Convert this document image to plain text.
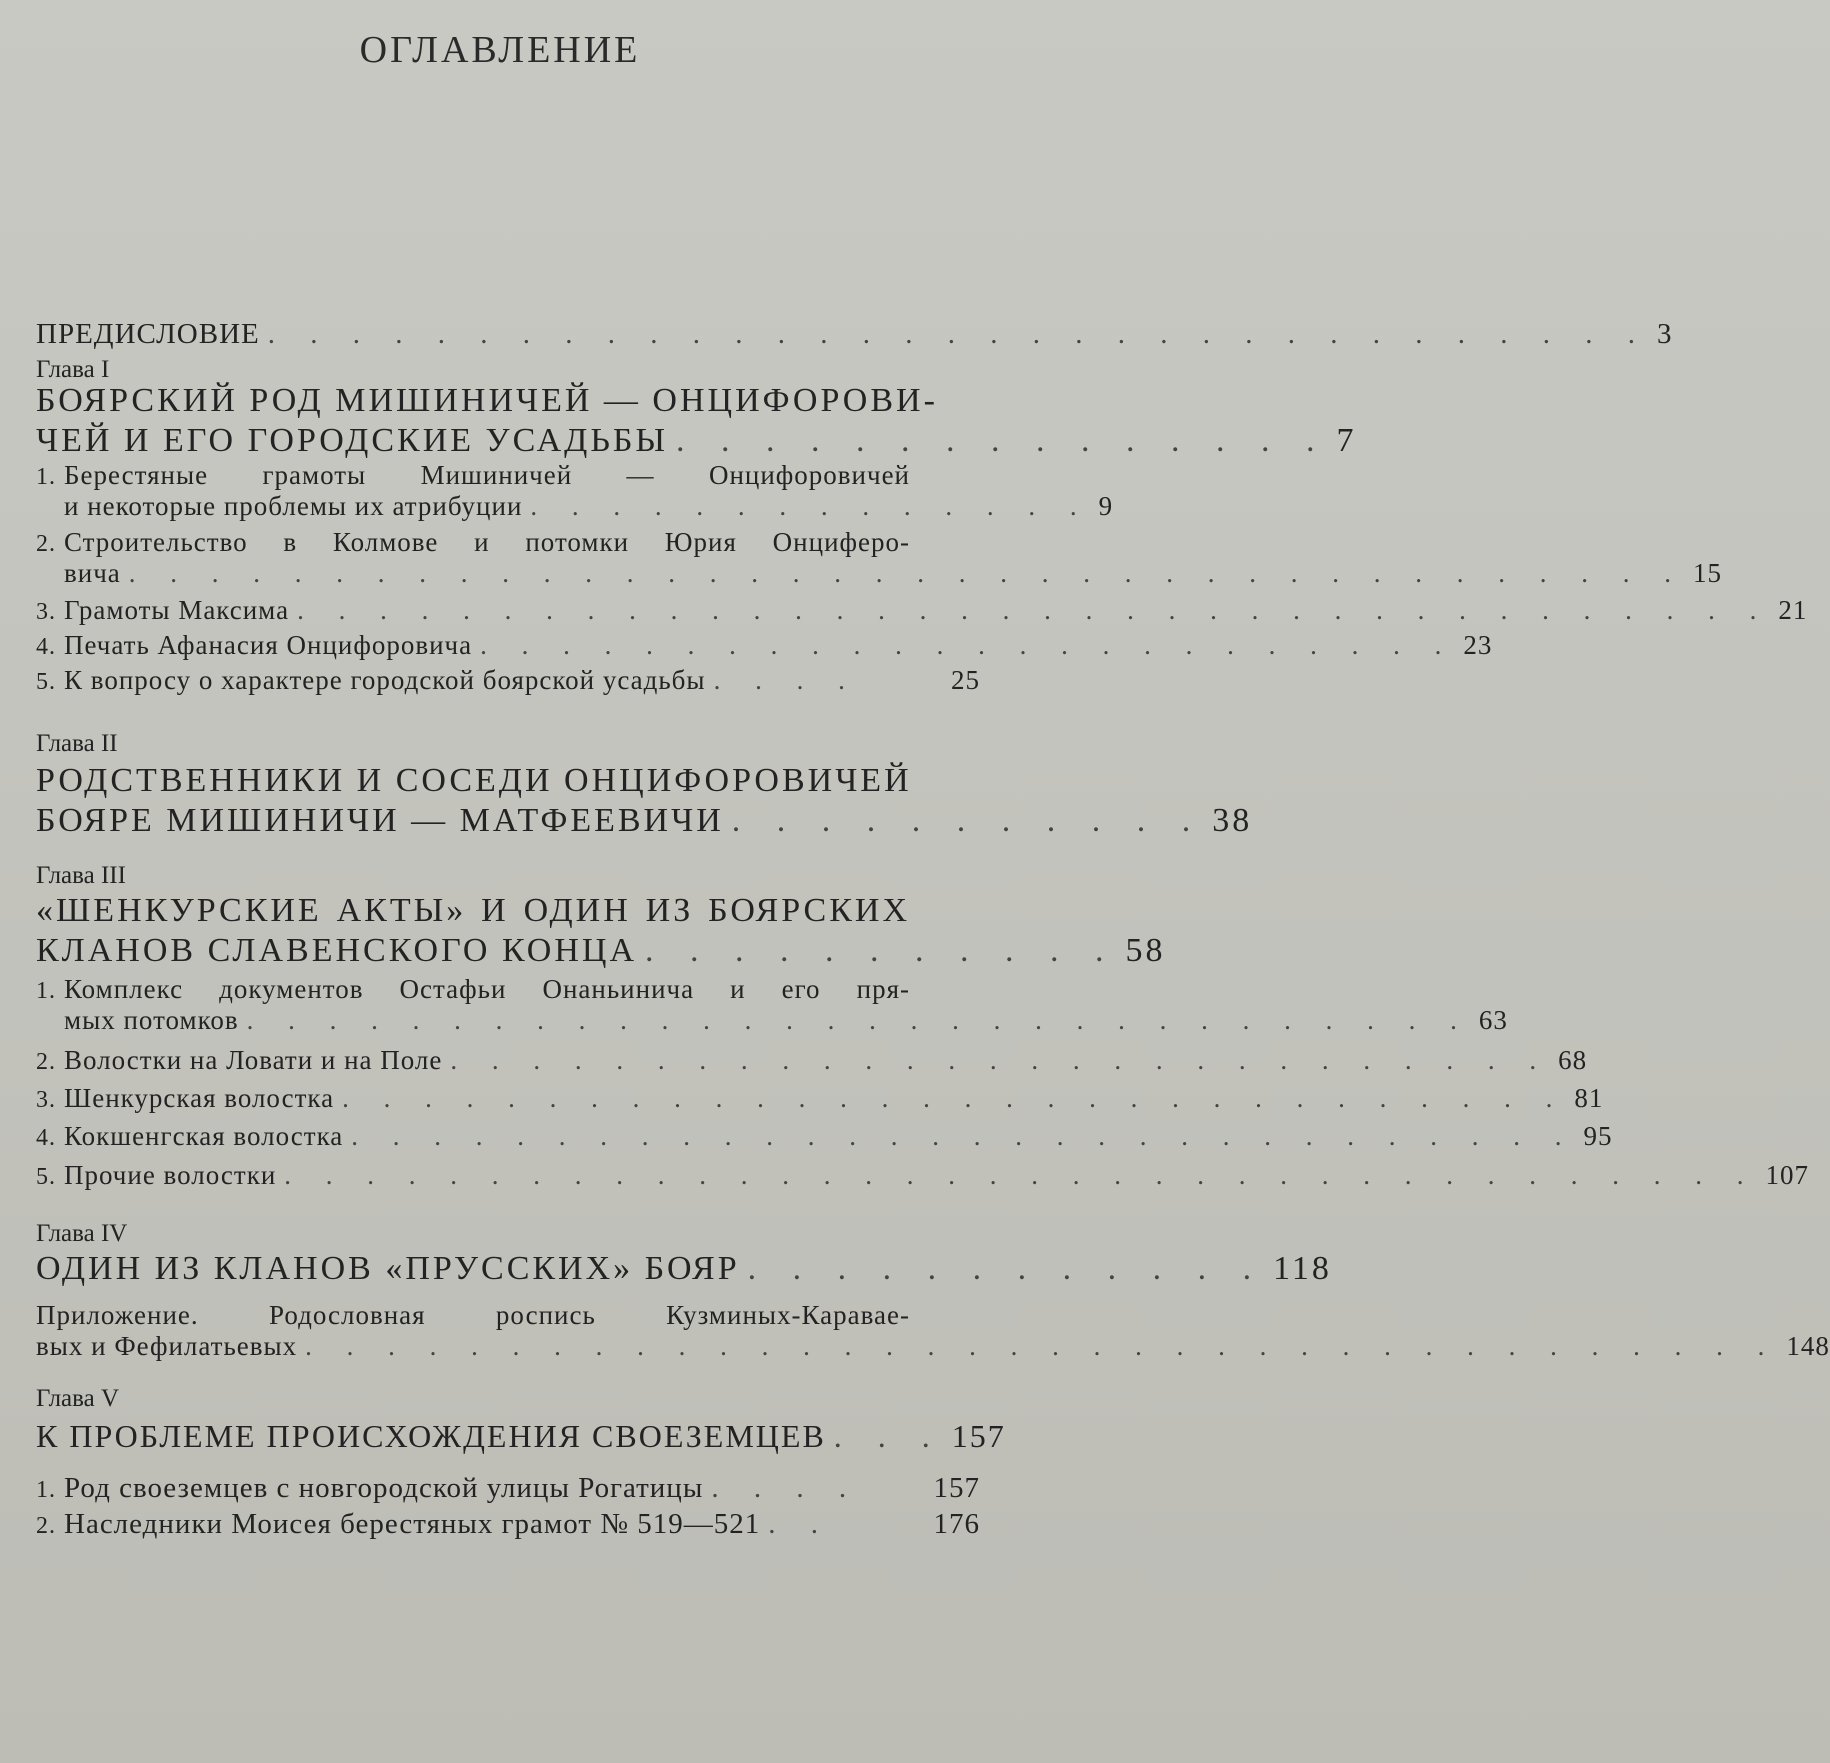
ОГЛАВЛЕНИЕ
ПРЕДИСЛОВИЕ . . . . . . . . . . . . . . . . . . . . . . . . . . . . . . . . . 3
Глава I
БОЯРСКИЙ РОД МИШИНИЧЕЙ — ОНЦИФОРОВИ-
ЧЕЙ И ЕГО ГОРОДСКИЕ УСАДЬБЫ . . . . . . . . . . . . . . . 7
1. Берестяные грамоты Мишиничей — Онцифоровичей
и некоторые проблемы их атрибуции . . . . . . . . . . . . . . 9
2. Строительство в Колмове и потомки Юрия Онциферо-
вича . . . . . . . . . . . . . . . . . . . . . . . . . . . . . . . . . . . . . . 15
3. Грамоты Максима . . . . . . . . . . . . . . . . . . . . . . . . . . . . . . . . . . . . 21
4. Печать Афанасия Онцифоровича . . . . . . . . . . . . . . . . . . . . . . . . 23
5. К вопросу о характере городской боярской усадьбы . . . .	25
Глава II
РОДСТВЕННИКИ И СОСЕДИ ОНЦИФОРОВИЧЕЙ
БОЯРЕ МИШИНИЧИ — МАТФЕЕВИЧИ . . . . . . . . . . . 38
Глава III
«ШЕНКУРСКИЕ АКТЫ» И ОДИН ИЗ БОЯРСКИХ
КЛАНОВ СЛАВЕНСКОГО КОНЦА . . . . . . . . . . . 58
1. Комплекс документов Остафьи Онаньинича и его пря-
мых потомков . . . . . . . . . . . . . . . . . . . . . . . . . . . . . . 63
2. Волостки на Ловати и на Поле . . . . . . . . . . . . . . . . . . . . . . . . . . . 68
3. Шенкурская волостка . . . . . . . . . . . . . . . . . . . . . . . . . . . . . . 81
4. Кокшенгская волостка . . . . . . . . . . . . . . . . . . . . . . . . . . . . . . 95
5. Прочие волостки . . . . . . . . . . . . . . . . . . . . . . . . . . . . . . . . . . . . 107
Глава IV
ОДИН ИЗ КЛАНОВ «ПРУССКИХ» БОЯР . . . . . . . . . . . . 118
Приложение. Родословная роспись Кузминых-Каравае-
вых и Фефилатьевых . . . . . . . . . . . . . . . . . . . . . . . . . . . . . . . . . . . . 148
Глава V
К ПРОБЛЕМЕ ПРОИСХОЖДЕНИЯ СВОЕЗЕМЦЕВ . . . 157
1. Род своеземцев с новгородской улицы Рогатицы . . . .	157
2. Наследники Моисея берестяных грамот № 519—521 . .	176
